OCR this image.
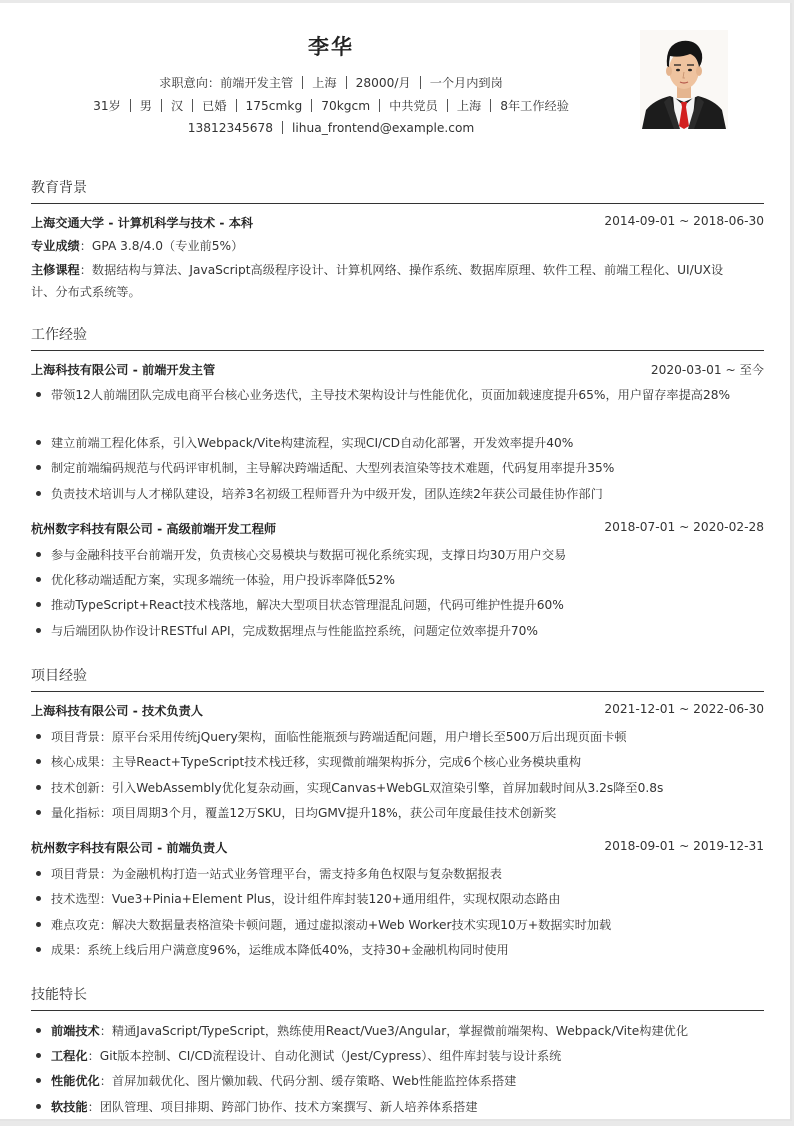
李华
求职意向：前端开发主管 上海 28000/月 一个月内到岗
31岁 男 汉 已婚 175cmkg 70kgcm 中共党员 上海 8年工作经验
13812345678 lihua_frontend@example.com
教育背景
上海交通大学 - 计算机科学与技术 - 本科	2014-09-01 ~ 2018-06-30
专业成绩：GPA 3.8/4.0（专业前5%）
主修课程：数据结构与算法、JavaScript高级程序设计、计算机网络、操作系统、数据库原理、软件工程、前端工程化、UI/UX设
计、分布式系统等。
工作经验
上海科技有限公司 - 前端开发主管	2020-03-01 ~ 至今
带领12人前端团队完成电商平台核心业务迭代，主导技术架构设计与性能优化，页面加载速度提升65%，用户留存率提高28%
建立前端工程化体系，引入Webpack/Vite构建流程，实现CI/CD自动化部署，开发效率提升40%
制定前端编码规范与代码评审机制，主导解决跨端适配、大型列表渲染等技术难题，代码复用率提升35%
负责技术培训与人才梯队建设，培养3名初级工程师晋升为中级开发，团队连续2年获公司最佳协作部门
杭州数字科技有限公司 - 高级前端开发工程师	2018-07-01 ~ 2020-02-28
参与金融科技平台前端开发，负责核心交易模块与数据可视化系统实现，支撑日均30万用户交易
优化移动端适配方案，实现多端统一体验，用户投诉率降低52%
推动TypeScript+React技术栈落地，解决大型项目状态管理混乱问题，代码可维护性提升60%
与后端团队协作设计RESTful API，完成数据埋点与性能监控系统，问题定位效率提升70%
项目经验
上海科技有限公司 - 技术负责人	2021-12-01 ~ 2022-06-30
项目背景：原平台采用传统jQuery架构，面临性能瓶颈与跨端适配问题，用户增长至500万后出现页面卡顿
核心成果：主导React+TypeScript技术栈迁移，实现微前端架构拆分，完成6个核心业务模块重构
技术创新：引入WebAssembly优化复杂动画，实现Canvas+WebGL双渲染引擎，首屏加载时间从3.2s降至0.8s
量化指标：项目周期3个月，覆盖12万SKU，日均GMV提升18%，获公司年度最佳技术创新奖
杭州数字科技有限公司 - 前端负责人	2018-09-01 ~ 2019-12-31
项目背景：为金融机构打造一站式业务管理平台，需支持多角色权限与复杂数据报表
技术选型：Vue3+Pinia+Element Plus，设计组件库封装120+通用组件，实现权限动态路由
难点攻克：解决大数据量表格渲染卡顿问题，通过虚拟滚动+Web Worker技术实现10万+数据实时加载
成果：系统上线后用户满意度96%，运维成本降低40%，支持30+金融机构同时使用
技能特长
前端技术：精通JavaScript/TypeScript，熟练使用React/Vue3/Angular，掌握微前端架构、Webpack/Vite构建优化
工程化：Git版本控制、CI/CD流程设计、自动化测试（Jest/Cypress）、组件库封装与设计系统
性能优化：首屏加载优化、图片懒加载、代码分割、缓存策略、Web性能监控体系搭建
软技能：团队管理、项目排期、跨部门协作、技术方案撰写、新人培养体系搭建
